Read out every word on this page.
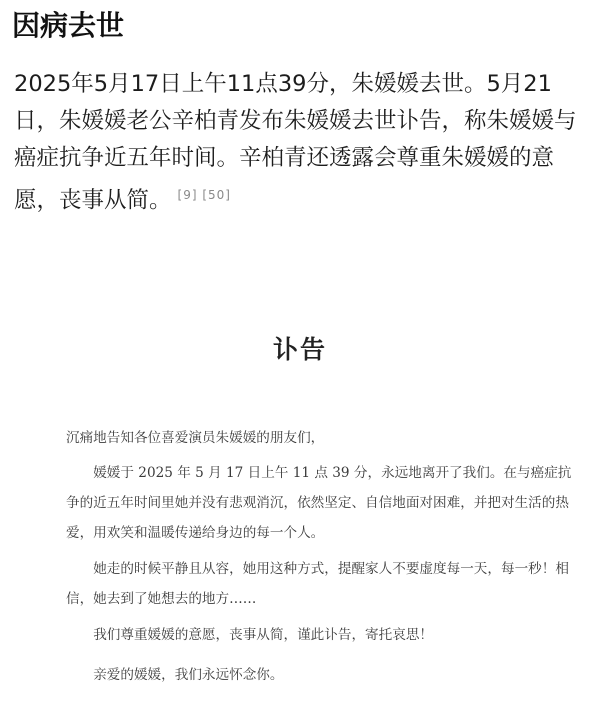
因病去世

2025年5月17日上午11点39分，朱媛媛去世。5月21日，朱媛媛老公辛柏青发布朱媛媛去世讣告，称朱媛媛与癌症抗争近五年时间。辛柏青还透露会尊重朱媛媛的意愿，丧事从简。 [9] [50]

讣告

沉痛地告知各位喜爱演员朱媛媛的朋友们，

媛媛于 2025 年 5 月 17 日上午 11 点 39 分，永远地离开了我们。在与癌症抗争的近五年时间里她并没有悲观消沉，依然坚定、自信地面对困难，并把对生活的热爱，用欢笑和温暖传递给身边的每一个人。

她走的时候平静且从容，她用这种方式，提醒家人不要虚度每一天，每一秒！相信，她去到了她想去的地方……

我们尊重媛媛的意愿，丧事从简，谨此讣告，寄托哀思！

亲爱的媛媛，我们永远怀念你。
